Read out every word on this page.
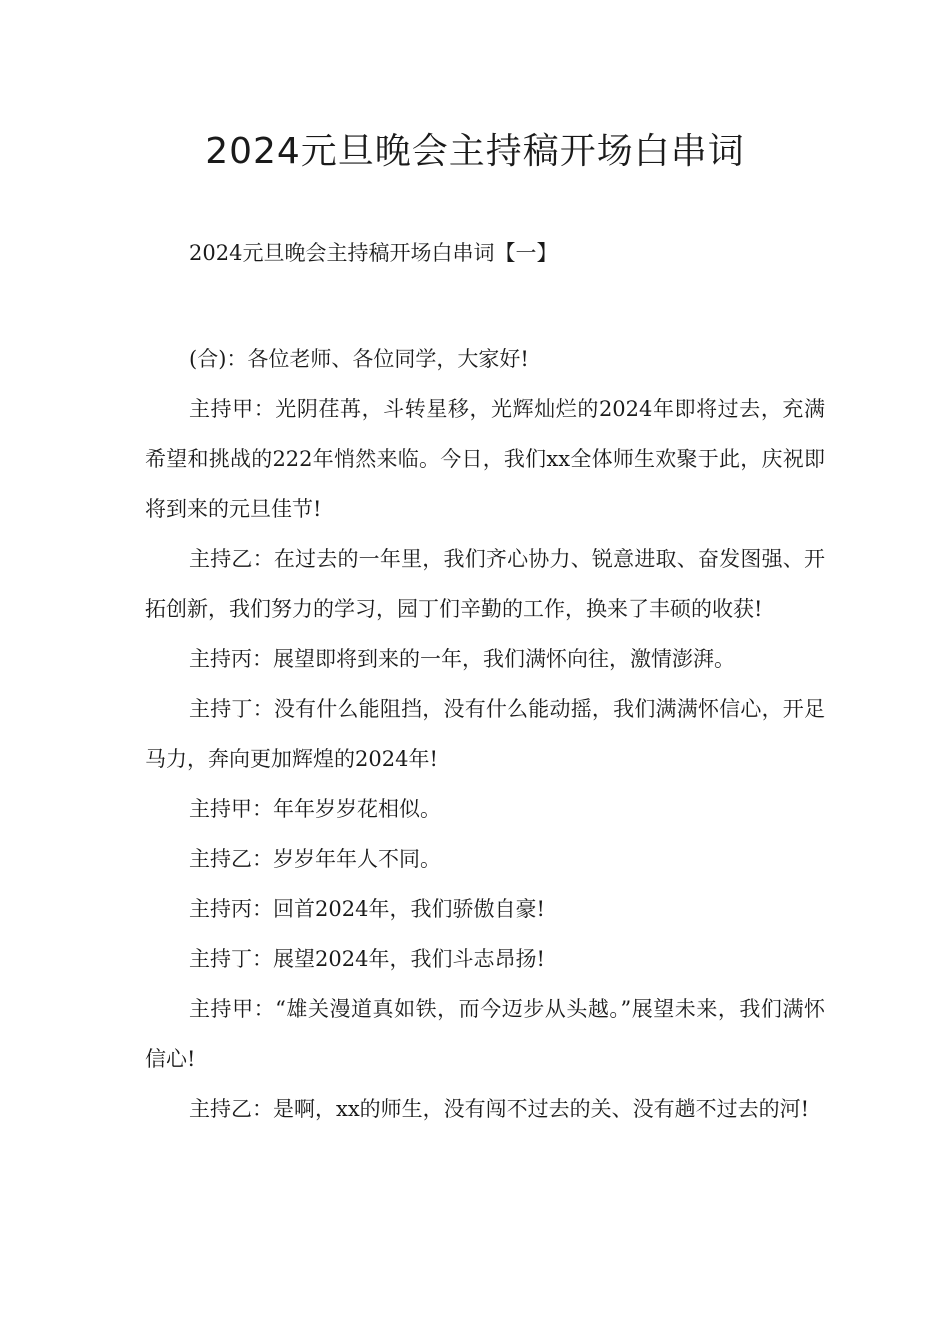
2024元旦晚会主持稿开场白串词
2024元旦晚会主持稿开场白串词【一】

(合)：各位老师、各位同学，大家好!

主持甲：光阴荏苒，斗转星移，光辉灿烂的2024年即将过去，充满希望和挑战的222年悄然来临。今日，我们xx全体师生欢聚于此，庆祝即将到来的元旦佳节!

主持乙：在过去的一年里，我们齐心协力、锐意进取、奋发图强、开拓创新，我们努力的学习，园丁们辛勤的工作，换来了丰硕的收获!

主持丙：展望即将到来的一年，我们满怀向往，激情澎湃。

主持丁：没有什么能阻挡，没有什么能动摇，我们满满怀信心，开足马力，奔向更加辉煌的2024年!

主持甲：年年岁岁花相似。

主持乙：岁岁年年人不同。

主持丙：回首2024年，我们骄傲自豪!

主持丁：展望2024年，我们斗志昂扬!

主持甲：“雄关漫道真如铁，而今迈步从头越。”展望未来，我们满怀信心!

主持乙：是啊，xx的师生，没有闯不过去的关、没有趟不过去的河!
